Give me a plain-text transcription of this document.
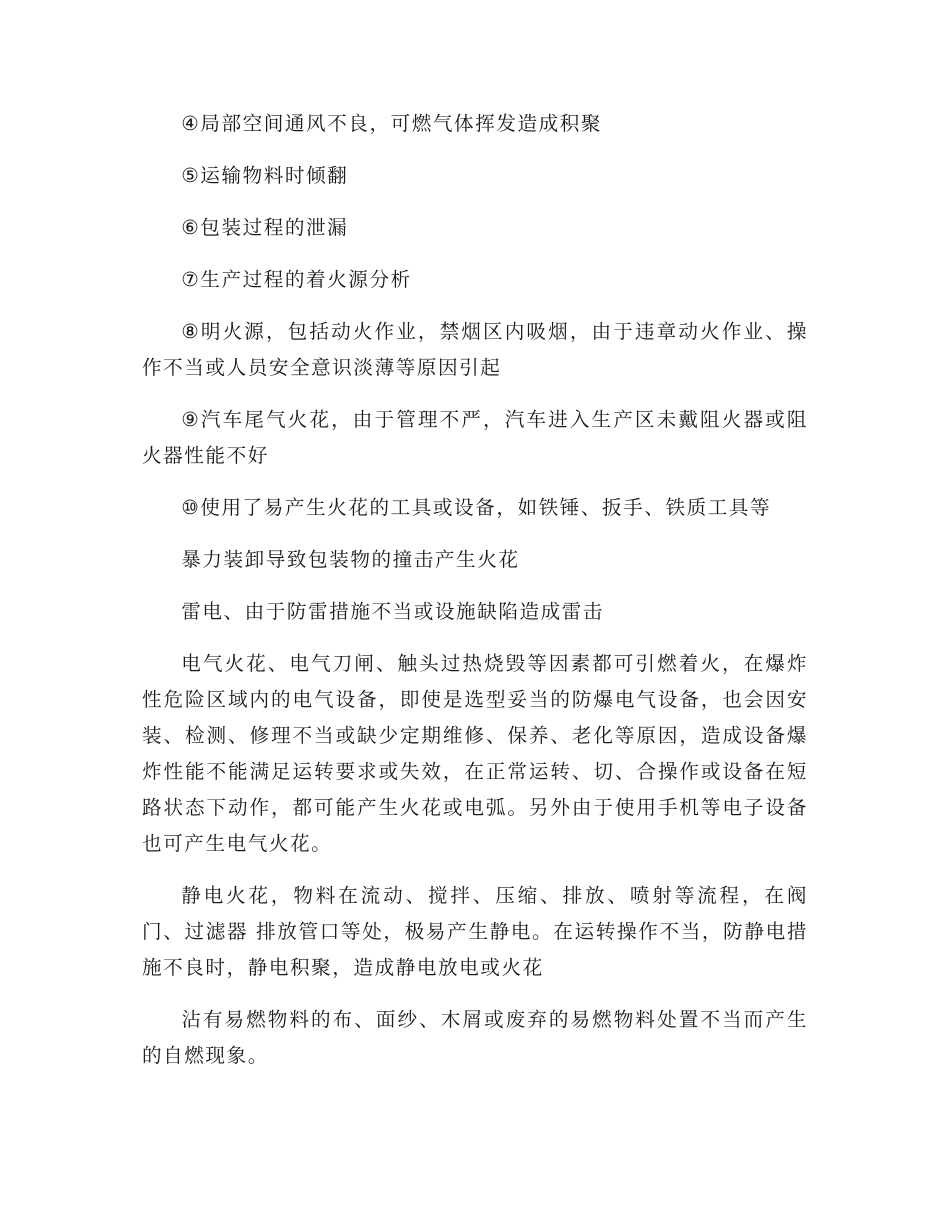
④局部空间通风不良，可燃气体挥发造成积聚

⑤运输物料时倾翻

⑥包装过程的泄漏

⑦生产过程的着火源分析

⑧明火源，包括动火作业，禁烟区内吸烟，由于违章动火作业、操作不当或人员安全意识淡薄等原因引起

⑨汽车尾气火花，由于管理不严，汽车进入生产区未戴阻火器或阻火器性能不好

⑩使用了易产生火花的工具或设备，如铁锤、扳手、铁质工具等

暴力装卸导致包装物的撞击产生火花

雷电、由于防雷措施不当或设施缺陷造成雷击

电气火花、电气刀闸、触头过热烧毁等因素都可引燃着火，在爆炸性危险区域内的电气设备，即使是选型妥当的防爆电气设备，也会因安装、检测、修理不当或缺少定期维修、保养、老化等原因，造成设备爆炸性能不能满足运转要求或失效，在正常运转、切、合操作或设备在短路状态下动作，都可能产生火花或电弧。另外由于使用手机等电子设备也可产生电气火花。

静电火花，物料在流动、搅拌、压缩、排放、喷射等流程，在阀门、过滤器 排放管口等处，极易产生静电。在运转操作不当，防静电措施不良时，静电积聚，造成静电放电或火花

沾有易燃物料的布、面纱、木屑或废弃的易燃物料处置不当而产生的自燃现象。
